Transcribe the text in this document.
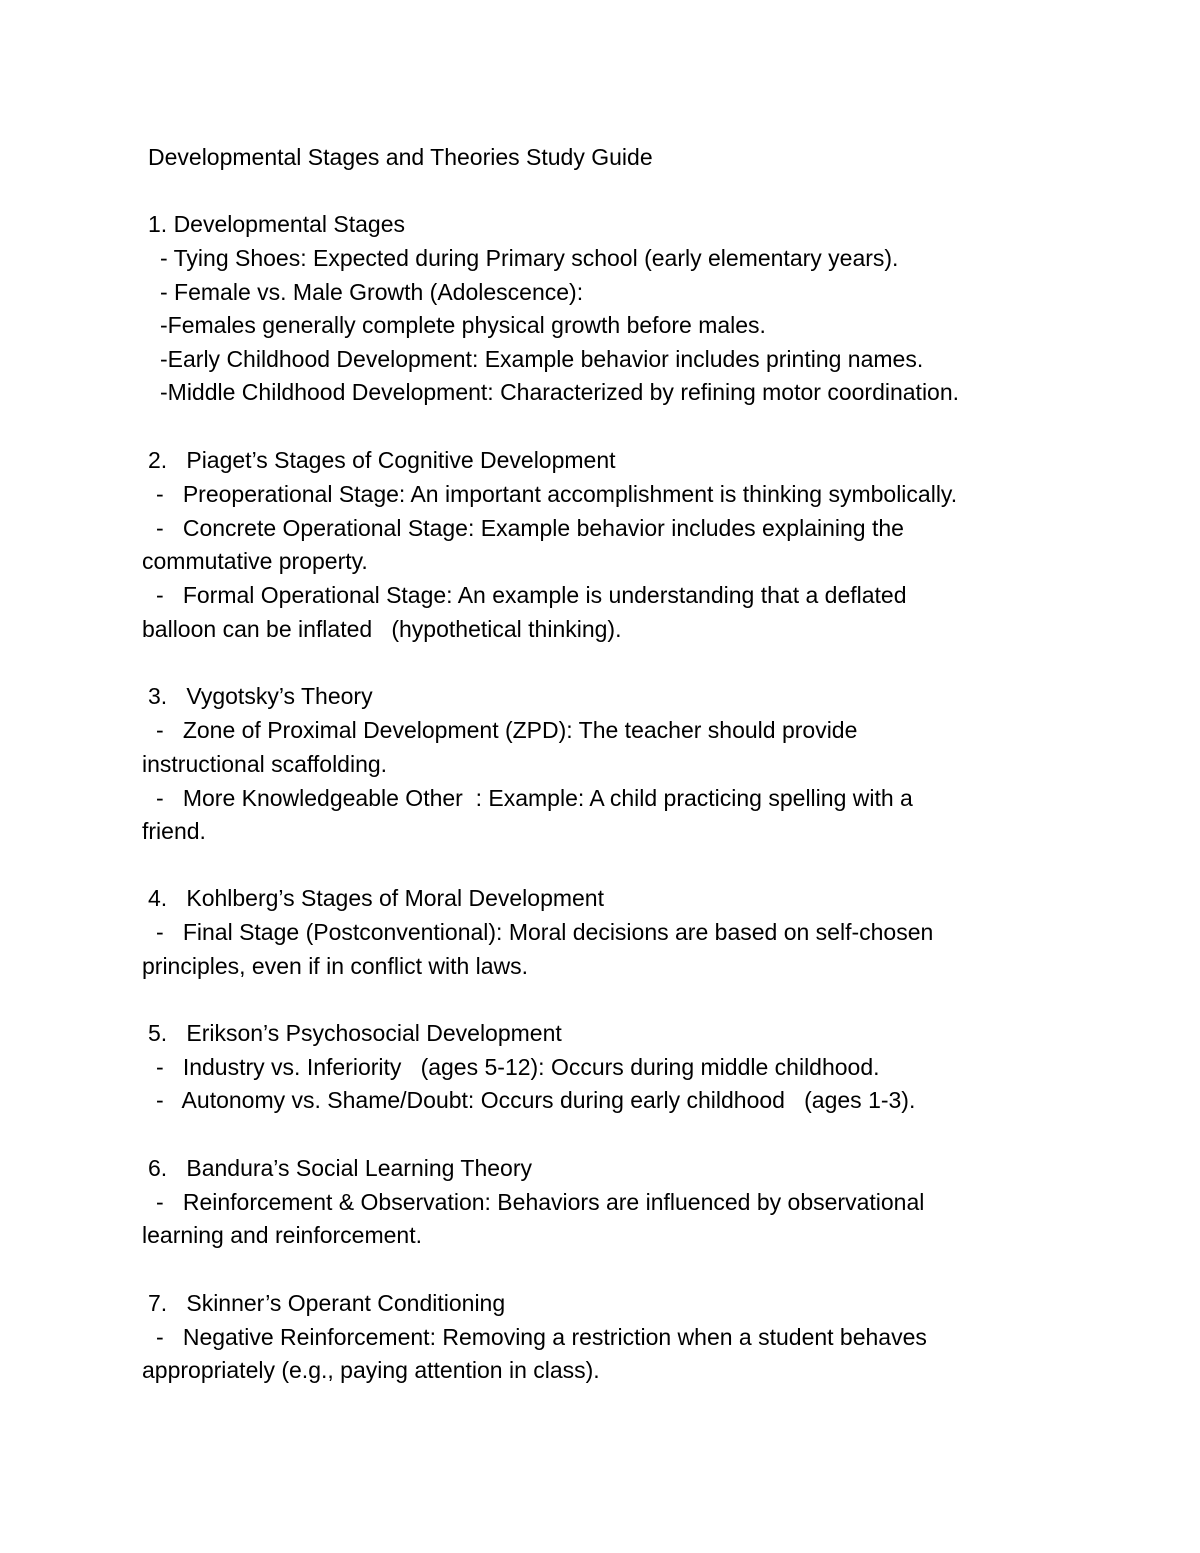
Developmental Stages and Theories Study Guide
1. Developmental Stages
- Tying Shoes: Expected during Primary school (early elementary years).
- Female vs. Male Growth (Adolescence):
-Females generally complete physical growth before males.
-Early Childhood Development: Example behavior includes printing names.
-Middle Childhood Development: Characterized by refining motor coordination.
2.   Piaget’s Stages of Cognitive Development
-   Preoperational Stage: An important accomplishment is thinking symbolically.
-   Concrete Operational Stage: Example behavior includes explaining the
commutative property.
-   Formal Operational Stage: An example is understanding that a deflated
balloon can be inflated   (hypothetical thinking).
3.   Vygotsky’s Theory
-   Zone of Proximal Development (ZPD): The teacher should provide
instructional scaffolding.
-   More Knowledgeable Other  : Example: A child practicing spelling with a
friend.
4.   Kohlberg’s Stages of Moral Development
-   Final Stage (Postconventional): Moral decisions are based on self-chosen
principles, even if in conflict with laws.
5.   Erikson’s Psychosocial Development
-   Industry vs. Inferiority   (ages 5-12): Occurs during middle childhood.
-   Autonomy vs. Shame/Doubt: Occurs during early childhood   (ages 1-3).
6.   Bandura’s Social Learning Theory
-   Reinforcement & Observation: Behaviors are influenced by observational
learning and reinforcement.
7.   Skinner’s Operant Conditioning
-   Negative Reinforcement: Removing a restriction when a student behaves
appropriately (e.g., paying attention in class).
